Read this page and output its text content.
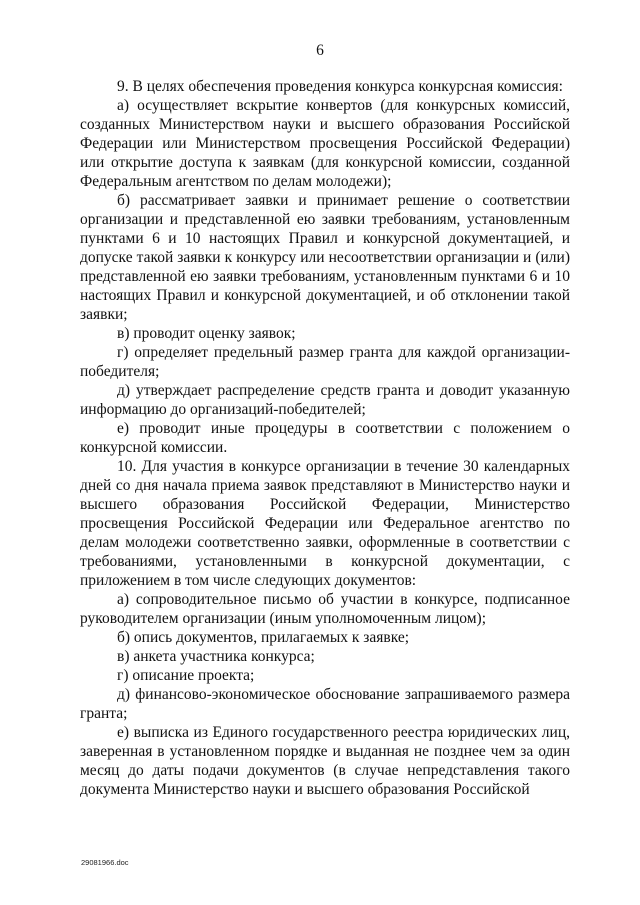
6

9. В целях обеспечения проведения конкурса конкурсная комиссия:

а) осуществляет вскрытие конвертов (для конкурсных комиссий, созданных Министерством науки и высшего образования Российской Федерации или Министерством просвещения Российской Федерации) или открытие доступа к заявкам (для конкурсной комиссии, созданной Федеральным агентством по делам молодежи);

б) рассматривает заявки и принимает решение о соответствии организации и представленной ею заявки требованиям, установленным пунктами 6 и 10 настоящих Правил и конкурсной документацией, и допуске такой заявки к конкурсу или несоответствии организации и (или) представленной ею заявки требованиям, установленным пунктами 6 и 10 настоящих Правил и конкурсной документацией, и об отклонении такой заявки;

в) проводит оценку заявок;

г) определяет предельный размер гранта для каждой организации-победителя;

д) утверждает распределение средств гранта и доводит указанную информацию до организаций-победителей;

е) проводит иные процедуры в соответствии с положением о конкурсной комиссии.

10. Для участия в конкурсе организации в течение 30 календарных дней со дня начала приема заявок представляют в Министерство науки и высшего образования Российской Федерации, Министерство просвещения Российской Федерации или Федеральное агентство по делам молодежи соответственно заявки, оформленные в соответствии с требованиями, установленными в конкурсной документации, с приложением в том числе следующих документов:

а) сопроводительное письмо об участии в конкурсе, подписанное руководителем организации (иным уполномоченным лицом);

б) опись документов, прилагаемых к заявке;

в) анкета участника конкурса;

г) описание проекта;

д) финансово-экономическое обоснование запрашиваемого размера гранта;

е) выписка из Единого государственного реестра юридических лиц, заверенная в установленном порядке и выданная не позднее чем за один месяц до даты подачи документов (в случае непредставления такого документа Министерство науки и высшего образования Российской

29081966.doc
